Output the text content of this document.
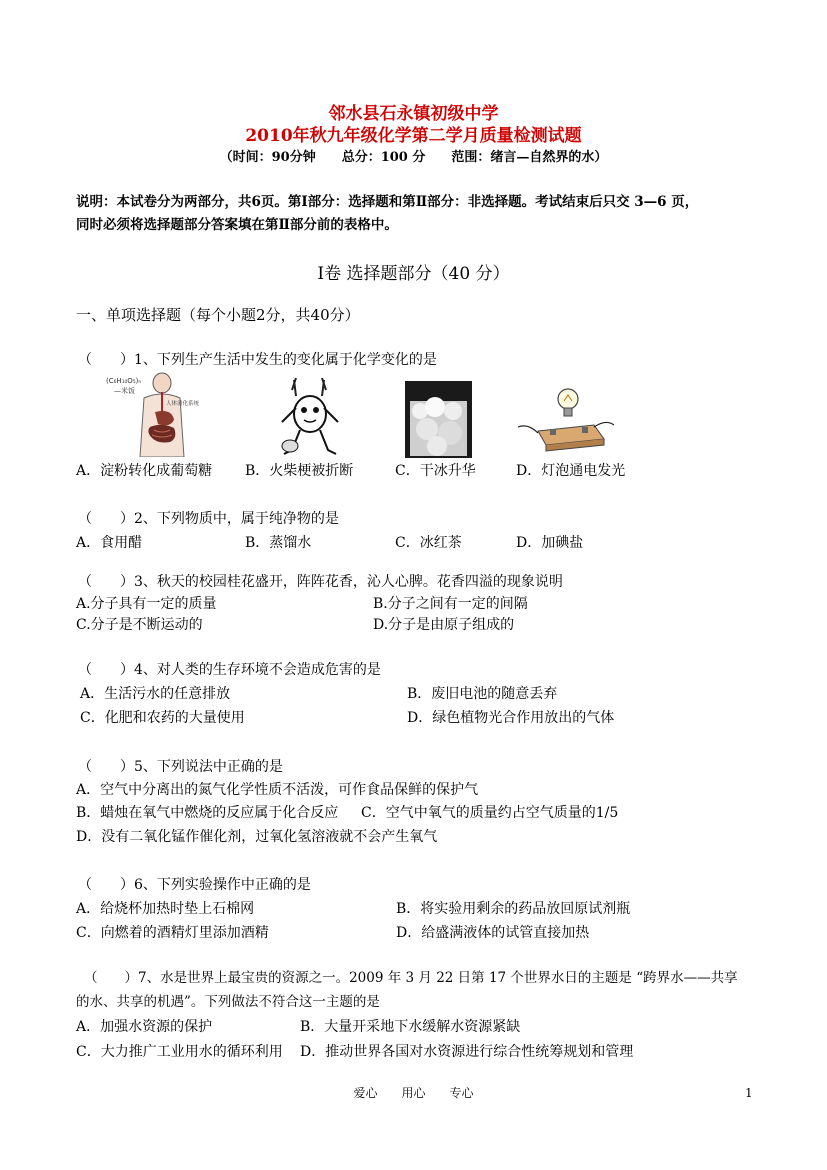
邻水县石永镇初级中学
2010年秋九年级化学第二学月质量检测试题
（时间：90分钟　　总分：100 分　　范围：绪言—自然界的水）
说明：本试卷分为两部分，共6页。第Ⅰ部分：选择题和第Ⅱ部分：非选择题。考试结束后只交 3—6 页，
同时必须将选择题部分答案填在第Ⅱ部分前的表格中。
Ⅰ卷 选择题部分（40 分）
一、单项选择题（每个小题2分，共40分）
（　　）1、下列生产生活中发生的变化属于化学变化的是
(C₆H₁₀O₅)ₙ
—米饭
人体消化系统
A．淀粉转化成葡萄糖 B．火柴梗被折断	C．干冰升华	D．灯泡通电发光
（　　）2、下列物质中，属于纯净物的是
A．食用醋	B．蒸馏水	C．冰红茶	D．加碘盐
（　　）3、秋天的校园桂花盛开，阵阵花香，沁人心脾。花香四溢的现象说明
A.分子具有一定的质量	B.分子之间有一定的间隔
C.分子是不断运动的	D.分子是由原子组成的
（　　）4、对人类的生存环境不会造成危害的是
A．生活污水的任意排放	B．废旧电池的随意丢弃
C．化肥和农药的大量使用	D．绿色植物光合作用放出的气体
（　　）5、下列说法中正确的是
A．空气中分离出的氮气化学性质不活泼，可作食品保鲜的保护气
B．蜡烛在氧气中燃烧的反应属于化合反应 C．空气中氧气的质量约占空气质量的1/5
D．没有二氧化锰作催化剂，过氧化氢溶液就不会产生氧气
（　　）6、下列实验操作中正确的是
A．给烧杯加热时垫上石棉网	B．将实验用剩余的药品放回原试剂瓶
C．向燃着的酒精灯里添加酒精	D．给盛满液体的试管直接加热
（　　）7、水是世界上最宝贵的资源之一。2009 年 3 月 22 日第 17 个世界水日的主题是 “跨界水——共享
的水、共享的机遇”。下列做法不符合这一主题的是
A．加强水资源的保护	B．大量开采地下水缓解水资源紧缺
C．大力推广工业用水的循环利用 D．推动世界各国对水资源进行综合性统筹规划和管理
爱心　　用心　　专心	1
